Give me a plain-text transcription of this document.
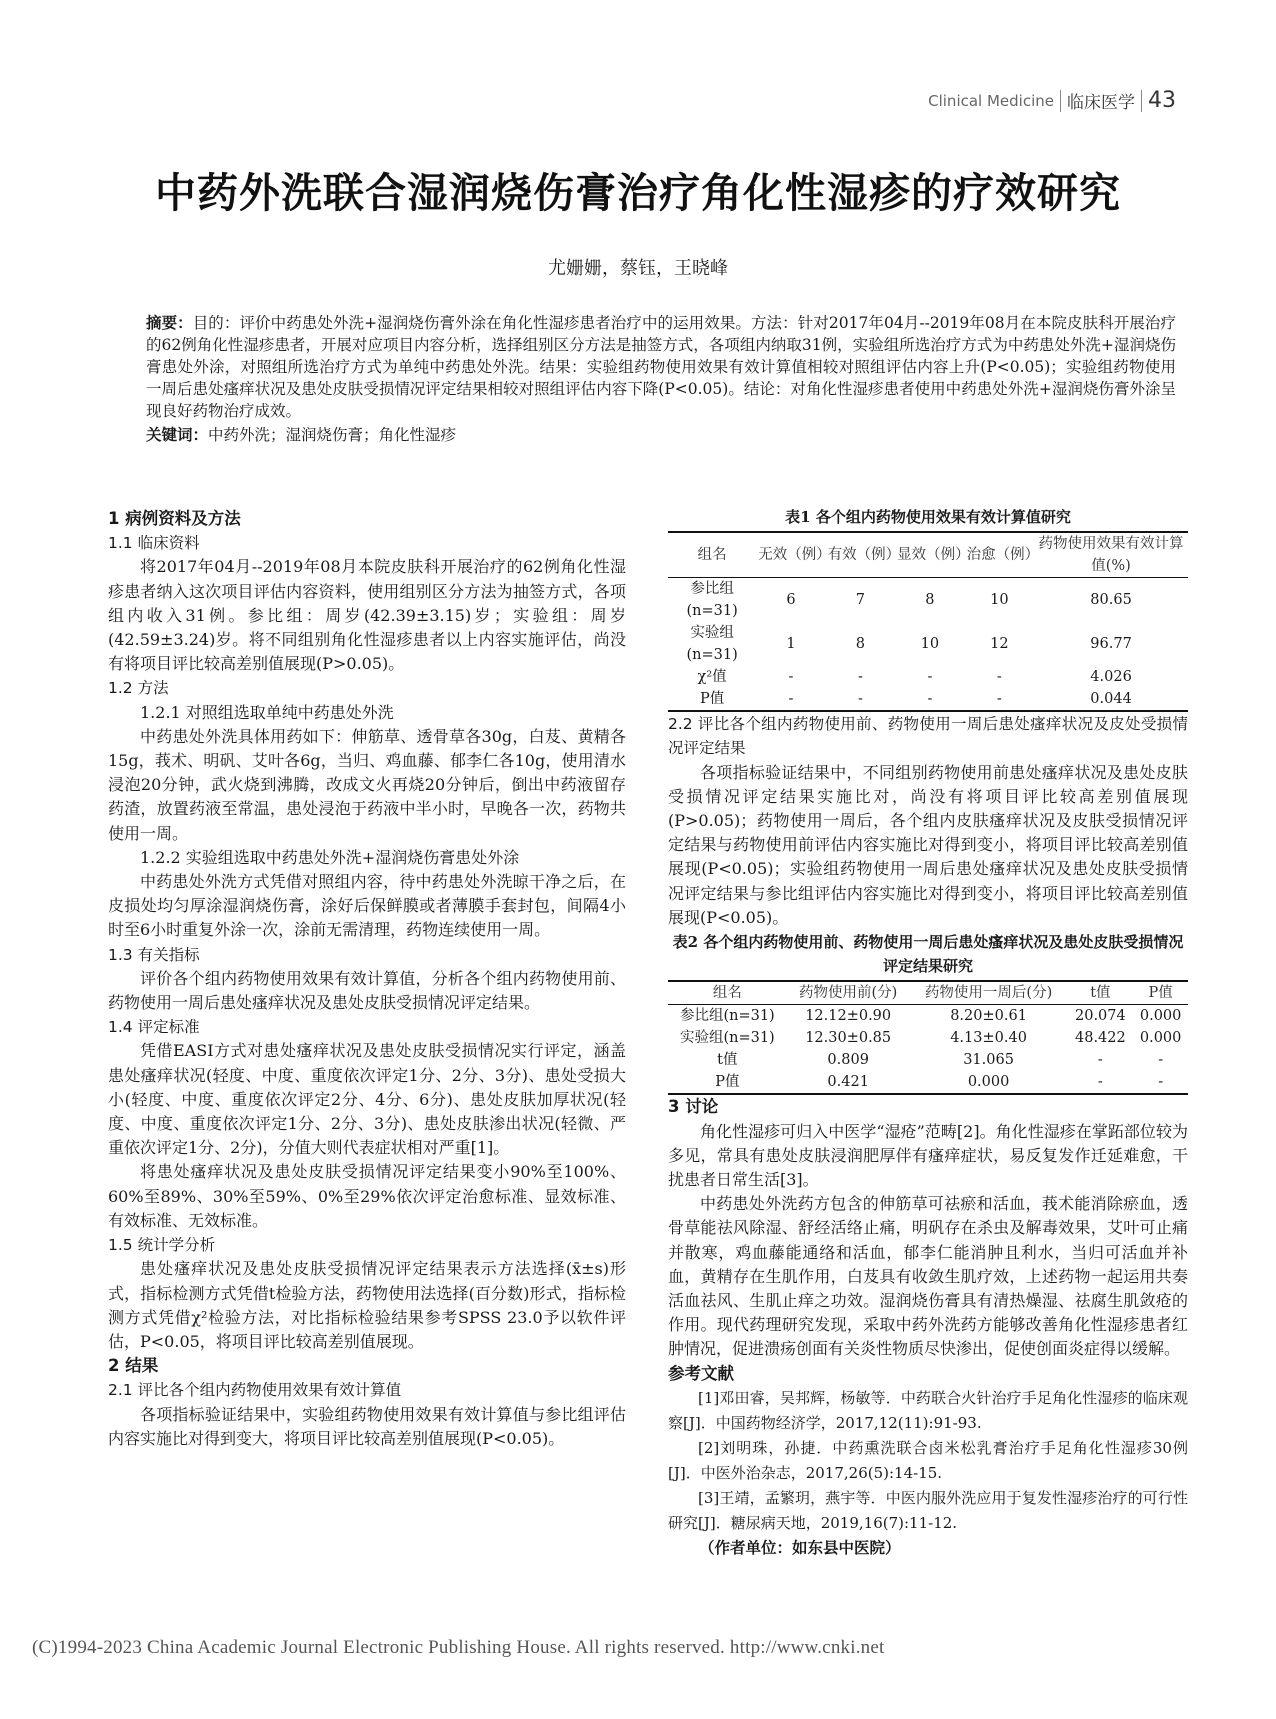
Clinical Medicine 临床医学 43
中药外洗联合湿润烧伤膏治疗角化性湿疹的疗效研究
尤姗姗，蔡钰，王晓峰
摘要：目的：评价中药患处外洗+湿润烧伤膏外涂在角化性湿疹患者治疗中的运用效果。方法：针对2017年04月--2019年08月在本院皮肤科开展治疗的62例角化性湿疹患者，开展对应项目内容分析，选择组别区分方法是抽签方式，各项组内纳取31例，实验组所选治疗方式为中药患处外洗+湿润烧伤膏患处外涂，对照组所选治疗方式为单纯中药患处外洗。结果：实验组药物使用效果有效计算值相较对照组评估内容上升(P<0.05)；实验组药物使用一周后患处瘙痒状况及患处皮肤受损情况评定结果相较对照组评估内容下降(P<0.05)。结论：对角化性湿疹患者使用中药患处外洗+湿润烧伤膏外涂呈现良好药物治疗成效。
关键词：中药外洗；湿润烧伤膏；角化性湿疹
1 病例资料及方法
1.1 临床资料

将2017年04月--2019年08月本院皮肤科开展治疗的62例角化性湿疹患者纳入这次项目评估内容资料，使用组别区分方法为抽签方式，各项组内收入31例。参比组：周岁(42.39±3.15)岁；实验组：周岁(42.59±3.24)岁。将不同组别角化性湿疹患者以上内容实施评估，尚没有将项目评比较高差别值展现(P>0.05)。

1.2 方法
1.2.1 对照组选取单纯中药患处外洗

中药患处外洗具体用药如下：伸筋草、透骨草各30g，白芨、黄精各15g，莪术、明矾、艾叶各6g，当归、鸡血藤、郁李仁各10g，使用清水浸泡20分钟，武火烧到沸腾，改成文火再烧20分钟后，倒出中药液留存药渣，放置药液至常温，患处浸泡于药液中半小时，早晚各一次，药物共使用一周。

1.2.2 实验组选取中药患处外洗+湿润烧伤膏患处外涂

中药患处外洗方式凭借对照组内容，待中药患处外洗晾干净之后，在皮损处均匀厚涂湿润烧伤膏，涂好后保鲜膜或者薄膜手套封包，间隔4小时至6小时重复外涂一次，涂前无需清理，药物连续使用一周。

1.3 有关指标

评价各个组内药物使用效果有效计算值，分析各个组内药物使用前、药物使用一周后患处瘙痒状况及患处皮肤受损情况评定结果。

1.4 评定标准

凭借EASI方式对患处瘙痒状况及患处皮肤受损情况实行评定，涵盖患处瘙痒状况(轻度、中度、重度依次评定1分、2分、3分)、患处受损大小(轻度、中度、重度依次评定2分、4分、6分)、患处皮肤加厚状况(轻度、中度、重度依次评定1分、2分、3分)、患处皮肤渗出状况(轻微、严重依次评定1分、2分)，分值大则代表症状相对严重[1]。

将患处瘙痒状况及患处皮肤受损情况评定结果变小90%至100%、60%至89%、30%至59%、0%至29%依次评定治愈标准、显效标准、有效标准、无效标准。

1.5 统计学分析

患处瘙痒状况及患处皮肤受损情况评定结果表示方法选择(x̄±s)形式，指标检测方式凭借t检验方法，药物使用法选择(百分数)形式，指标检测方式凭借χ²检验方法，对比指标检验结果参考SPSS 23.0予以软件评估，P<0.05，将项目评比较高差别值展现。

2 结果
2.1 评比各个组内药物使用效果有效计算值

各项指标验证结果中，实验组药物使用效果有效计算值与参比组评估内容实施比对得到变大，将项目评比较高差别值展现(P<0.05)。

表1 各个组内药物使用效果有效计算值研究
组名	无效（例）	有效（例）	显效（例）	治愈（例）	药物使用效果有效计算值(%)
参比组(n=31)	6	7	8	10	80.65
实验组(n=31)	1	8	10	12	96.77
χ²值	-	-	-	-	4.026
P值	-	-	-	-	0.044
2.2 评比各个组内药物使用前、药物使用一周后患处瘙痒状况及皮处受损情况评定结果

各项指标验证结果中，不同组别药物使用前患处瘙痒状况及患处皮肤受损情况评定结果实施比对，尚没有将项目评比较高差别值展现(P>0.05)；药物使用一周后，各个组内皮肤瘙痒状况及皮肤受损情况评定结果与药物使用前评估内容实施比对得到变小，将项目评比较高差别值展现(P<0.05)；实验组药物使用一周后患处瘙痒状况及患处皮肤受损情况评定结果与参比组评估内容实施比对得到变小，将项目评比较高差别值展现(P<0.05)。

表2 各个组内药物使用前、药物使用一周后患处瘙痒状况及患处皮肤受损情况评定结果研究
组名	药物使用前(分)	药物使用一周后(分)	t值	P值
参比组(n=31)	12.12±0.90	8.20±0.61	20.074	0.000
实验组(n=31)	12.30±0.85	4.13±0.40	48.422	0.000
t值	0.809	31.065	-	-
P值	0.421	0.000	-	-
3 讨论

角化性湿疹可归入中医学“湿疮”范畴[2]。角化性湿疹在掌跖部位较为多见，常具有患处皮肤浸润肥厚伴有瘙痒症状，易反复发作迁延难愈，干扰患者日常生活[3]。

中药患处外洗药方包含的伸筋草可祛瘀和活血，莪术能消除瘀血，透骨草能祛风除湿、舒经活络止痛，明矾存在杀虫及解毒效果，艾叶可止痛并散寒，鸡血藤能通络和活血，郁李仁能消肿且利水，当归可活血并补血，黄精存在生肌作用，白芨具有收敛生肌疗效，上述药物一起运用共奏活血祛风、生肌止痒之功效。湿润烧伤膏具有清热燥湿、祛腐生肌敛疮的作用。现代药理研究发现，采取中药外洗药方能够改善角化性湿疹患者红肿情况，促进溃疡创面有关炎性物质尽快渗出，促使创面炎症得以缓解。

参考文献
[1]邓田睿，吴邦辉，杨敏等．中药联合火针治疗手足角化性湿疹的临床观察[J]．中国药物经济学，2017,12(11):91-93.
[2]刘明珠，孙捷．中药熏洗联合卤米松乳膏治疗手足角化性湿疹30例[J]．中医外治杂志，2017,26(5):14-15.
[3]王靖，孟繁玥，燕宇等．中医内服外洗应用于复发性湿疹治疗的可行性研究[J]．糖尿病天地，2019,16(7):11-12.
（作者单位：如东县中医院）
(C)1994-2023 China Academic Journal Electronic Publishing House. All rights reserved. http://www.cnki.net
